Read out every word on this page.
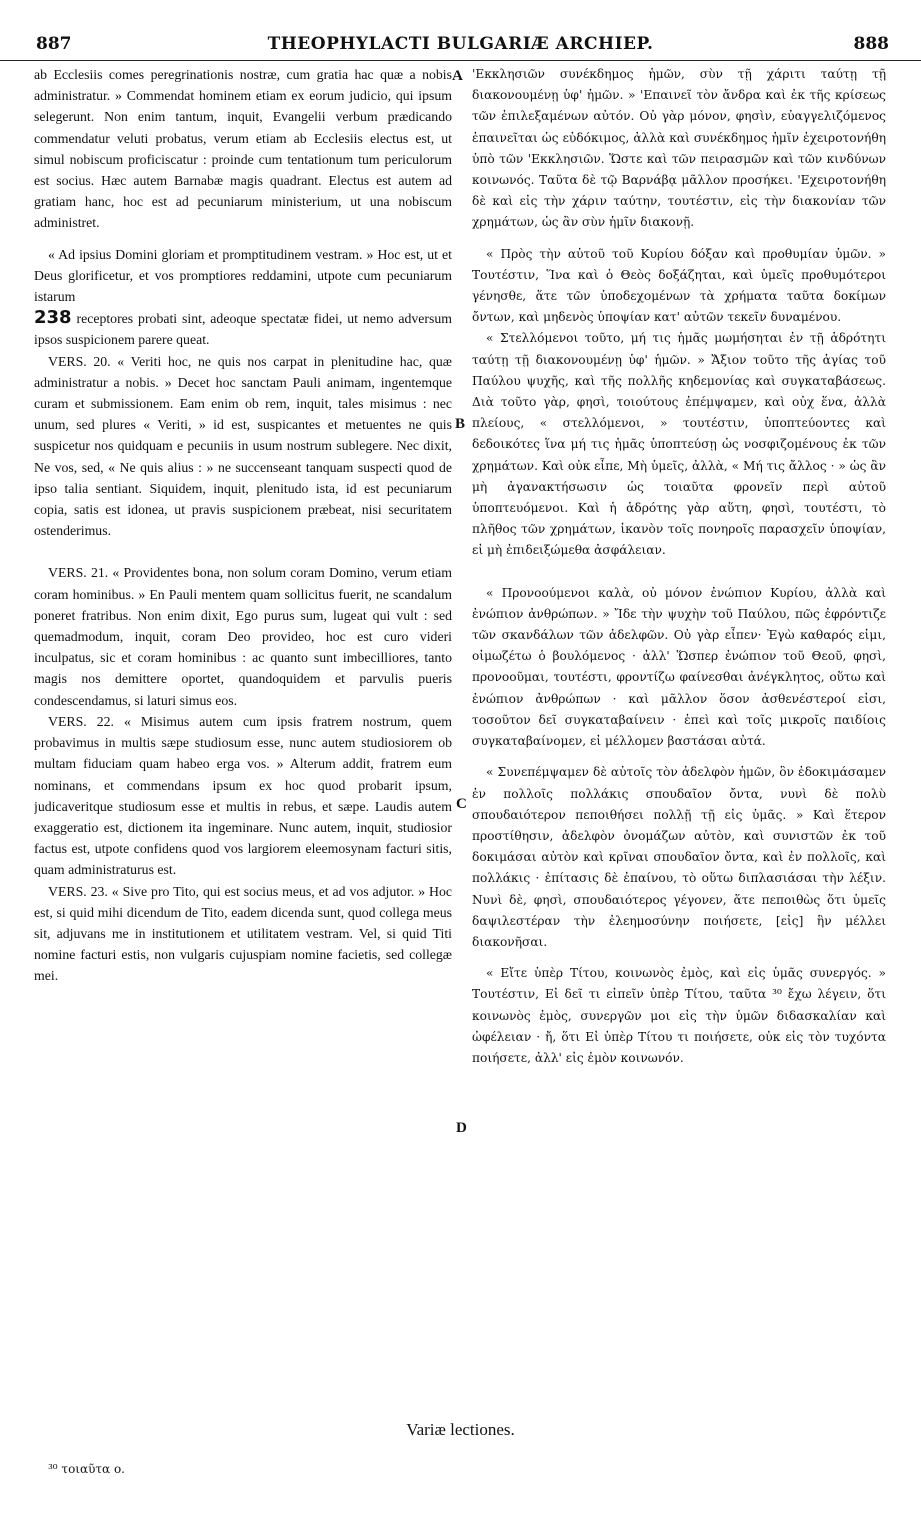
887	THEOPHYLACTI BULGARIÆ ARCHIEP.	888

ab Ecclesiis comes peregrinationis nostræ, cum gratia hac quæ a nobis administratur. » Commendat hominem etiam ex eorum judicio, qui ipsum selegerunt. Non enim tantum, inquit, Evangelii verbum prædicando commendatur veluti probatus, verum etiam ab Ecclesiis electus est, ut simul nobiscum proficiscatur : proinde cum tentationum tum periculorum est socius. Hæc autem Barnabæ magis quadrant. Electus est autem ad gratiam hanc, hoc est ad pecuniarum ministerium, ut una nobiscum administret.

« Ad ipsius Domini gloriam et promptitudinem vestram. » Hoc est, ut et Deus glorificetur, et vos promptiores reddamini, utpote cum pecuniarum istarum

238 receptores probati sint, adeoque spectatæ fidei, ut nemo adversum ipsos suspicionem parere queat.

VERS. 20. « Veriti hoc, ne quis nos carpat in plenitudine hac, quæ administratur a nobis. » Decet hoc sanctam Pauli animam, ingentemque curam et submissionem. Eam enim ob rem, inquit, tales misimus : nec unum, sed plures « Veriti, » id est, suspicantes et metuentes ne quis suspicetur nos quidquam e pecuniis in usum nostrum sublegere. Nec dixit, Ne vos, sed, « Ne quis alius : » ne succenseant tanquam suspecti quod de ipso talia sentiant. Siquidem, inquit, plenitudo ista, id est pecuniarum copia, satis est idonea, ut pravis suspicionem præbeat, nisi securitatem ostenderimus.

VERS. 21. « Providentes bona, non solum coram Domino, verum etiam coram hominibus. » En Pauli mentem quam sollicitus fuerit, ne scandalum poneret fratribus. Non enim dixit, Ego purus sum, lugeat qui vult : sed quemadmodum, inquit, coram Deo provideo, hoc est curo videri inculpatus, sic et coram hominibus : ac quanto sunt imbecilliores, tanto magis nos demittere oportet, quandoquidem et parvulis pueris condescendamus, si laturi simus eos.

VERS. 22. « Misimus autem cum ipsis fratrem nostrum, quem probavimus in multis sæpe studiosum esse, nunc autem studiosiorem ob multam fiduciam quam habeo erga vos. » Alterum addit, fratrem eum nominans, et commendans ipsum ex hoc quod probarit ipsum, judicaveritque studiosum esse et multis in rebus, et sæpe. Laudis autem exaggeratio est, dictionem ita ingeminare. Nunc autem, inquit, studiosior factus est, utpote confidens quod vos largiorem eleemosynam facturi sitis, quam administraturus est.

VERS. 23. « Sive pro Tito, qui est socius meus, et ad vos adjutor. » Hoc est, si quid mihi dicendum de Tito, eadem dicenda sunt, quod collega meus sit, adjuvans me in institutionem et utilitatem vestram. Vel, si quid Titi nomine facturi estis, non vulgaris cujuspiam nomine facietis, sed collegæ mei.

'Εκκλησιῶν συνέκδημος ἡμῶν, σὺν τῇ χάριτι ταύτῃ τῇ διακονουμένῃ ὑφ' ἡμῶν. » 'Επαινεῖ τὸν ἄνδρα καὶ ἐκ τῆς κρίσεως τῶν ἐπιλεξαμένων αὐτόν. Οὐ γὰρ μόνον, φησὶν, εὐαγγελιζόμενος ἐπαινεῖται ὡς εὐδόκιμος, ἀλλὰ καὶ συνέκδημος ἡμῖν ἐχειροτονήθη ὑπὸ τῶν 'Εκκλησιῶν. Ὥστε καὶ τῶν πειρασμῶν καὶ τῶν κινδύνων κοινωνός. Ταῦτα δὲ τῷ Βαρνάβᾳ μᾶλλον προσήκει. 'Εχειροτονήθη δὲ καὶ εἰς τὴν χάριν ταύτην, τουτέστιν, εἰς τὴν διακονίαν τῶν χρημάτων, ὡς ἂν σὺν ἡμῖν διακονῇ.

« Πρὸς τὴν αὐτοῦ τοῦ Κυρίου δόξαν καὶ προθυμίαν ὑμῶν. » Τουτέστιν, Ἵνα καὶ ὁ Θεὸς δοξάζηται, καὶ ὑμεῖς προθυμότεροι γένησθε, ἅτε τῶν ὑποδεχομένων τὰ χρήματα ταῦτα δοκίμων ὄντων, καὶ μηδενὸς ὑποψίαν κατ' αὐτῶν τεκεῖν δυναμένου.

« Στελλόμενοι τοῦτο, μή τις ἡμᾶς μωμήσηται ἐν τῇ ἁδρότητι ταύτῃ τῇ διακονουμένῃ ὑφ' ἡμῶν. » Ἄξιον τοῦτο τῆς ἁγίας τοῦ Παύλου ψυχῆς, καὶ τῆς πολλῆς κηδεμονίας καὶ συγκαταβάσεως. Διὰ τοῦτο γὰρ, φησὶ, τοιούτους ἐπέμψαμεν, καὶ οὐχ ἕνα, ἀλλὰ πλείους, « στελλόμενοι, » τουτέστιν, ὑποπτεύοντες καὶ δεδοικότες ἵνα μή τις ἡμᾶς ὑποπτεύσῃ ὡς νοσφιζομένους ἐκ τῶν χρημάτων. Καὶ οὐκ εἶπε, Μὴ ὑμεῖς, ἀλλὰ, « Μή τις ἄλλος · » ὡς ἂν μὴ ἀγανακτήσωσιν ὡς τοιαῦτα φρονεῖν περὶ αὐτοῦ ὑποπτευόμενοι. Καὶ ἡ ἁδρότης γὰρ αὕτη, φησὶ, τουτέστι, τὸ πλῆθος τῶν χρημάτων, ἱκανὸν τοῖς πονηροῖς παρασχεῖν ὑποψίαν, εἰ μὴ ἐπιδειξώμεθα ἀσφάλειαν.

« Προνοούμενοι καλὰ, οὐ μόνον ἐνώπιον Κυρίου, ἀλλὰ καὶ ἐνώπιον ἀνθρώπων. » Ἴδε τὴν ψυχὴν τοῦ Παύλου, πῶς ἐφρόντιζε τῶν σκανδάλων τῶν ἀδελφῶν. Οὐ γὰρ εἶπεν· Ἐγὼ καθαρός εἰμι, οἰμωζέτω ὁ βουλόμενος · ἀλλ' Ὥσπερ ἐνώπιον τοῦ Θεοῦ, φησὶ, προνοοῦμαι, τουτέστι, φροντίζω φαίνεσθαι ἀνέγκλητος, οὕτω καὶ ἐνώπιον ἀνθρώπων · καὶ μᾶλλον ὅσον ἀσθενέστεροί εἰσι, τοσοῦτον δεῖ συγκαταβαίνειν · ἐπεὶ καὶ τοῖς μικροῖς παιδίοις συγκαταβαίνομεν, εἰ μέλλομεν βαστάσαι αὐτά.

« Συνεπέμψαμεν δὲ αὐτοῖς τὸν ἀδελφὸν ἡμῶν, ὃν ἐδοκιμάσαμεν ἐν πολλοῖς πολλάκις σπουδαῖον ὄντα, νυνὶ δὲ πολὺ σπουδαιότερον πεποιθήσει πολλῇ τῇ εἰς ὑμᾶς. » Καὶ ἕτερον προστίθησιν, ἀδελφὸν ὀνομάζων αὐτὸν, καὶ συνιστῶν ἐκ τοῦ δοκιμάσαι αὐτὸν καὶ κρῖναι σπουδαῖον ὄντα, καὶ ἐν πολλοῖς, καὶ πολλάκις · ἐπίτασις δὲ ἐπαίνου, τὸ οὕτω διπλασιάσαι τὴν λέξιν. Νυνὶ δὲ, φησὶ, σπουδαιότερος γέγονεν, ἅτε πεποιθὼς ὅτι ὑμεῖς δαψιλεστέραν τὴν ἐλεημοσύνην ποιήσετε, [εἰς] ἣν μέλλει διακονῆσαι.

« Εἴτε ὑπὲρ Τίτου, κοινωνὸς ἐμὸς, καὶ εἰς ὑμᾶς συνεργός. » Τουτέστιν, Εἰ δεῖ τι εἰπεῖν ὑπὲρ Τίτου, ταῦτα ³⁰ ἔχω λέγειν, ὅτι κοινωνὸς ἐμὸς, συνεργῶν μοι εἰς τὴν ὑμῶν διδασκαλίαν καὶ ὠφέλειαν · ἤ, ὅτι Εἰ ὑπὲρ Τίτου τι ποιήσετε, οὐκ εἰς τὸν τυχόντα ποιήσετε, ἀλλ' εἰς ἐμὸν κοινωνόν.

A
B
C
D
Variæ lectiones.
³⁰ τοιαῦτα ο.
